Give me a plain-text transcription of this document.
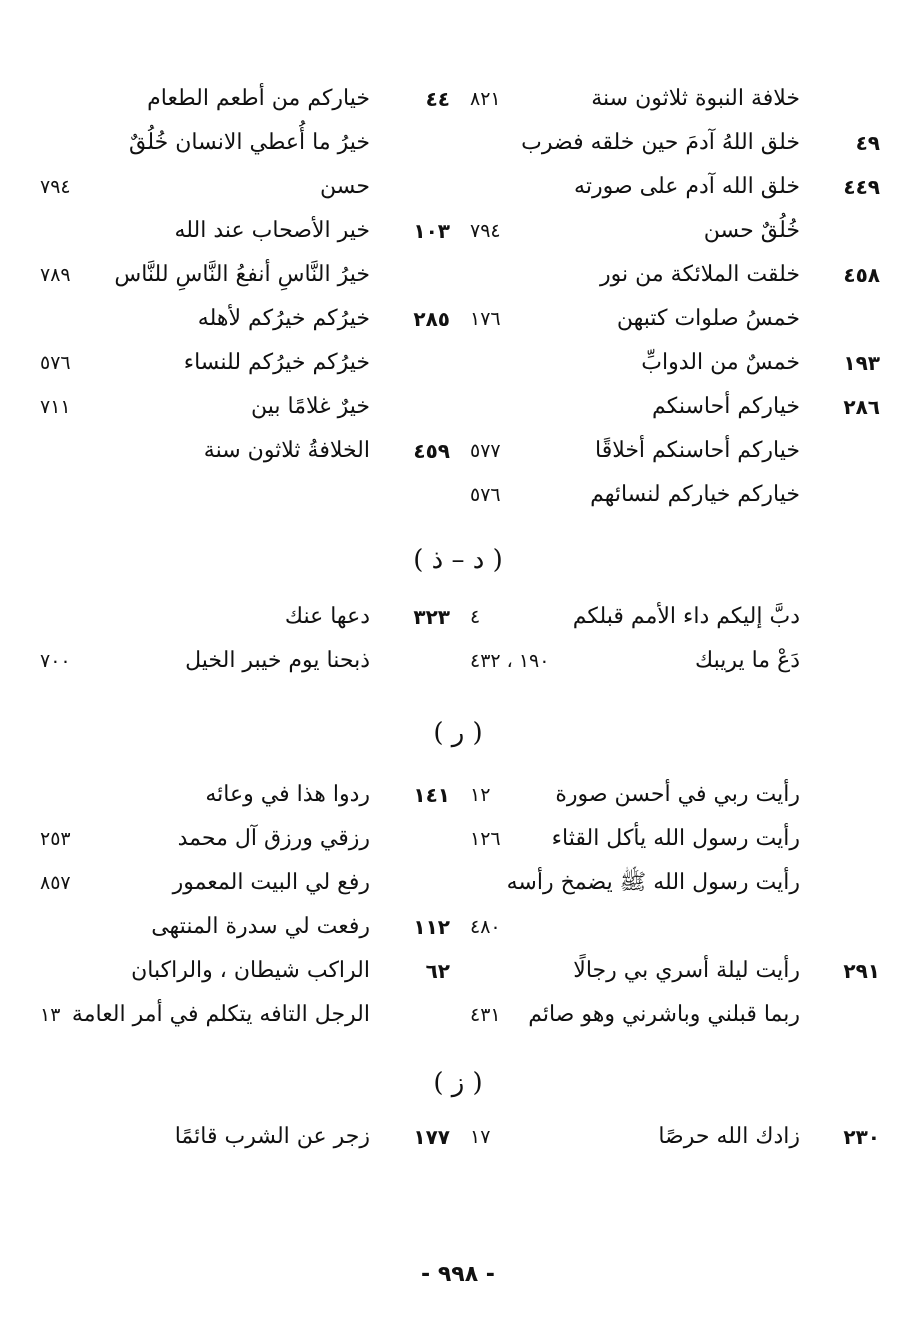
خلافة النبوة ثلاثون سنة
٨٢١
٤٩
خلق اللهُ آدمَ حين خلقه فضرب
٤٤٩
خلق الله آدم على صورته
خُلُقٌ حسن
٧٩٤
٤٥٨
خلقت الملائكة من نور
خمسُ صلوات كتبهن
١٧٦
١٩٣
خمسٌ من الدوابِّ
٢٨٦
خياركم أحاسنكم
خياركم أحاسنكم أخلاقًا
٥٧٧
خياركم خياركم لنسائهم
٥٧٦
٤٤
خياركم من أطعم الطعام
خيرُ ما أُعطي الانسان خُلُقٌ
حسن
٧٩٤
١٠٣
خير الأصحاب عند الله
خيرُ النَّاسِ أنفعُ النَّاسِ للنَّاس
٧٨٩
٢٨٥
خيرُكم خيرُكم لأهله
خيرُكم خيرُكم للنساء
٥٧٦
خيرٌ غلامًا بين
٧١١
٤٥٩
الخلافةُ ثلاثون سنة
( د – ذ )
دبَّ إليكم داء الأمم قبلكم
٤
دَعْ ما يريبك
١٩٠ ، ٤٣٢
٣٢٣
دعها عنك
ذبحنا يوم خيبر الخيل
٧٠٠
( ر )
رأيت ربي في أحسن صورة
١٢
رأيت رسول الله يأكل القثاء
١٢٦
رأيت رسول الله ﷺ يضمخ رأسه
٤٨٠
٢٩١
رأيت ليلة أسري بي رجالًا
ربما قبلني وباشرني وهو صائم
٤٣١
١٤١
ردوا هذا في وعائه
رزقي ورزق آل محمد
٢٥٣
رفع لي البيت المعمور
٨٥٧
١١٢
رفعت لي سدرة المنتهى
٦٢
الراكب شيطان ، والراكبان
الرجل التافه يتكلم في أمر العامة
١٣
( ز )
٢٣٠
زادك الله حرصًا
١٧
١٧٧
زجر عن الشرب قائمًا
- ٩٩٨ -
